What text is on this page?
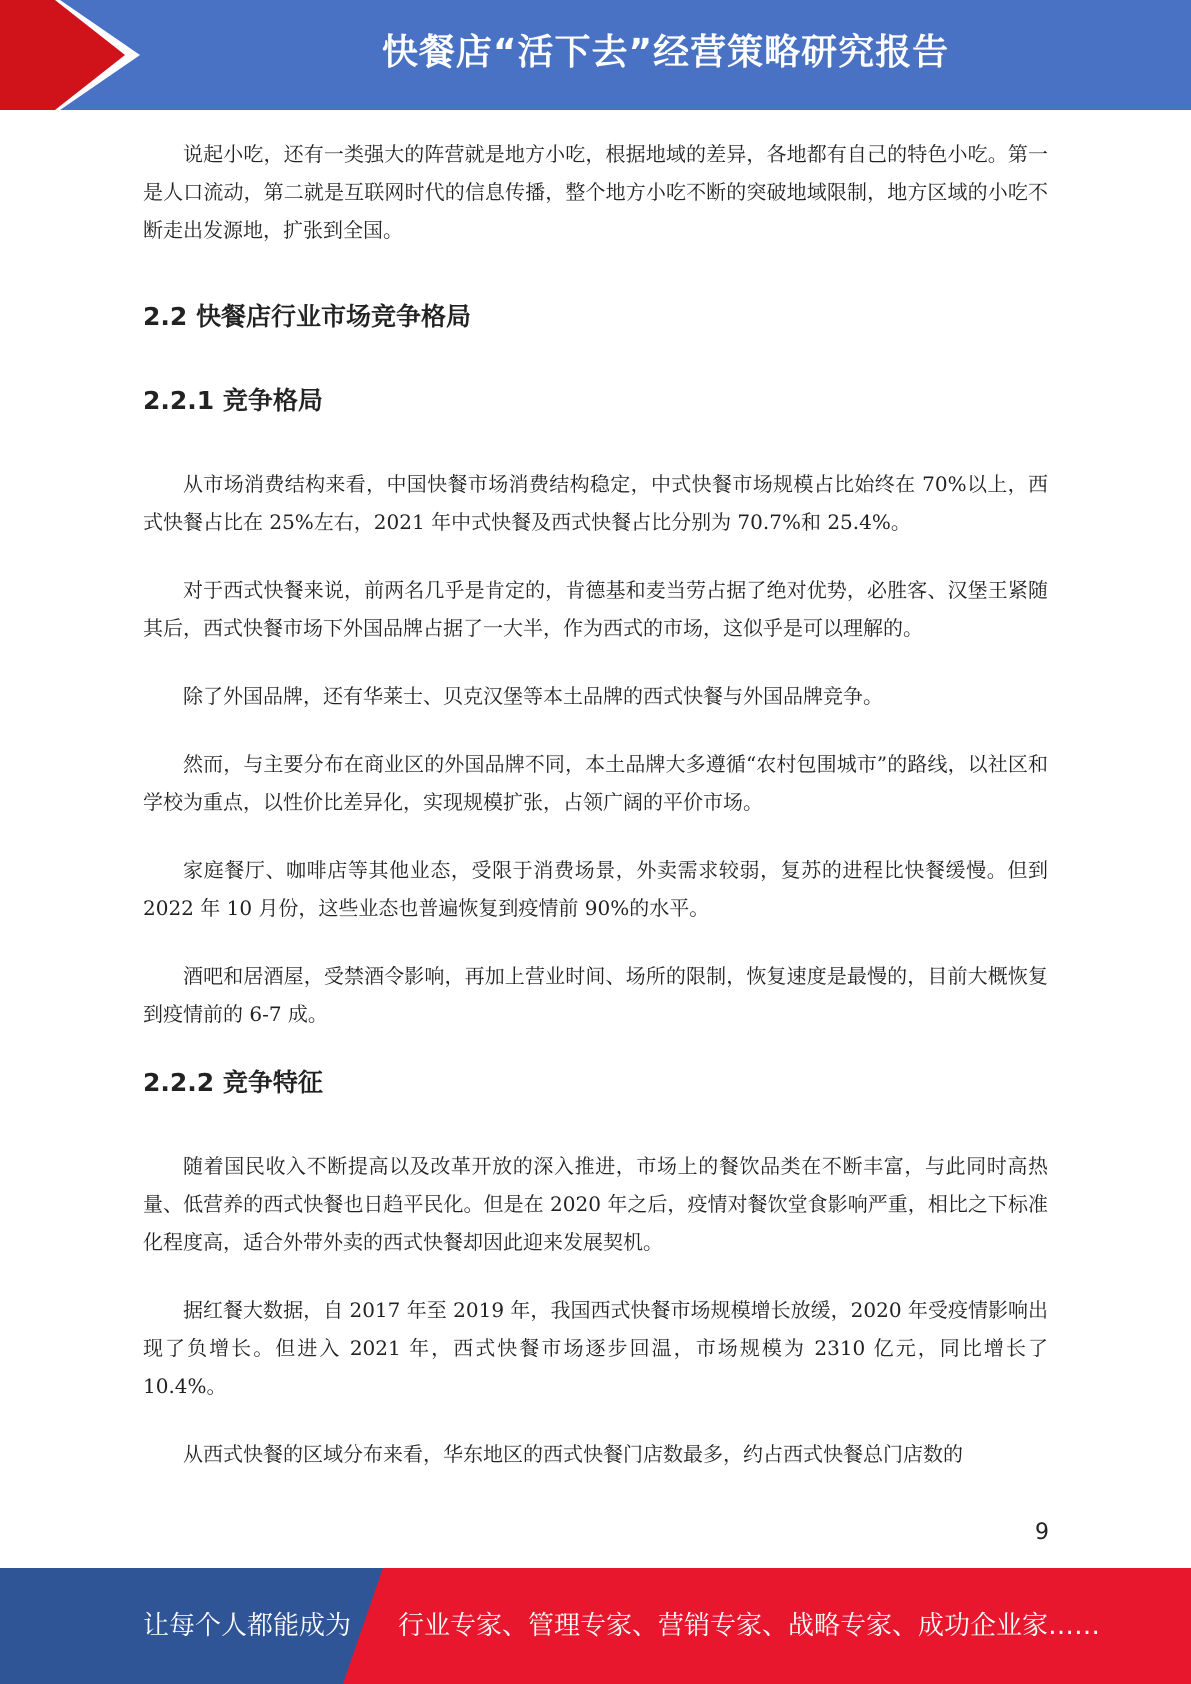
快餐店“活下去”经营策略研究报告

说起小吃，还有一类强大的阵营就是地方小吃，根据地域的差异，各地都有自己的特色小吃。第一是人口流动，第二就是互联网时代的信息传播，整个地方小吃不断的突破地域限制，地方区域的小吃不断走出发源地，扩张到全国。

2.2 快餐店行业市场竞争格局
2.2.1 竞争格局

从市场消费结构来看，中国快餐市场消费结构稳定，中式快餐市场规模占比始终在 70%以上，西式快餐占比在 25%左右，2021 年中式快餐及西式快餐占比分别为 70.7%和 25.4%。

对于西式快餐来说，前两名几乎是肯定的，肯德基和麦当劳占据了绝对优势，必胜客、汉堡王紧随其后，西式快餐市场下外国品牌占据了一大半，作为西式的市场，这似乎是可以理解的。

除了外国品牌，还有华莱士、贝克汉堡等本土品牌的西式快餐与外国品牌竞争。

然而，与主要分布在商业区的外国品牌不同，本土品牌大多遵循“农村包围城市”的路线，以社区和学校为重点，以性价比差异化，实现规模扩张，占领广阔的平价市场。

家庭餐厅、咖啡店等其他业态，受限于消费场景，外卖需求较弱，复苏的进程比快餐缓慢。但到 2022 年 10 月份，这些业态也普遍恢复到疫情前 90%的水平。

酒吧和居酒屋，受禁酒令影响，再加上营业时间、场所的限制，恢复速度是最慢的，目前大概恢复到疫情前的 6-7 成。

2.2.2 竞争特征

随着国民收入不断提高以及改革开放的深入推进，市场上的餐饮品类在不断丰富，与此同时高热量、低营养的西式快餐也日趋平民化。但是在 2020 年之后，疫情对餐饮堂食影响严重，相比之下标准化程度高，适合外带外卖的西式快餐却因此迎来发展契机。

据红餐大数据，自 2017 年至 2019 年，我国西式快餐市场规模增长放缓，2020 年受疫情影响出现了负增长。但进入 2021 年，西式快餐市场逐步回温，市场规模为 2310 亿元，同比增长了10.4%。

从西式快餐的区域分布来看，华东地区的西式快餐门店数最多，约占西式快餐总门店数的

9
让每个人都能成为 行业专家、管理专家、营销专家、战略专家、成功企业家……
